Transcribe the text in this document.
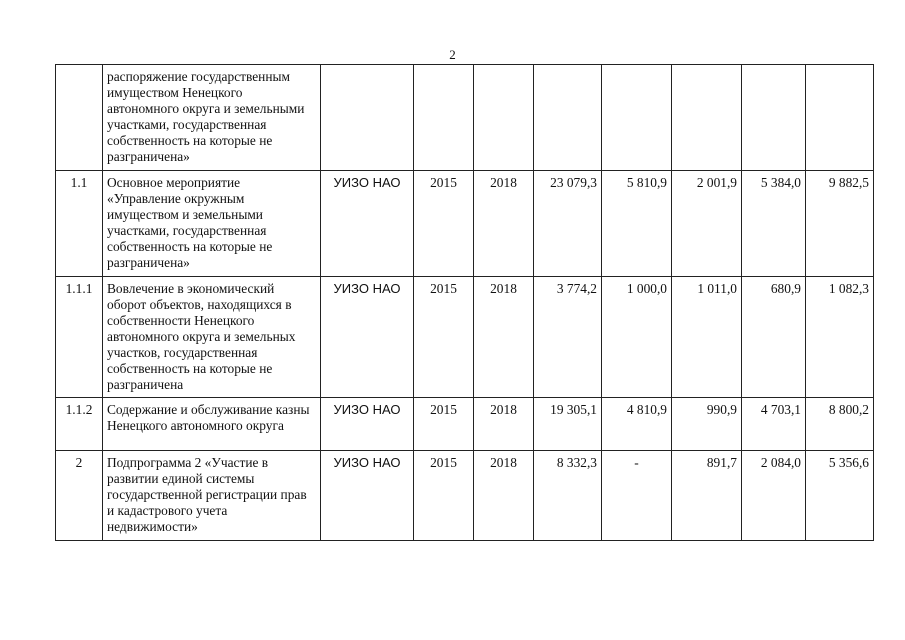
2
	распоряжение государственным имуществом Ненецкого автономного округа и земельными участками, государственная собственность на которые не разграничена»								
1.1	Основное мероприятие «Управление окружным имуществом и земельными участками, государственная собственность на которые не разграничена»	УИЗО НАО	2015	2018	23 079,3	5 810,9	2 001,9	5 384,0	9 882,5
1.1.1	Вовлечение в экономический оборот объектов, находящихся в собственности Ненецкого автономного округа и земельных участков, государственная собственность на которые не разграничена	УИЗО НАО	2015	2018	3 774,2	1 000,0	1 011,0	680,9	1 082,3
1.1.2	Содержание и обслуживание казны Ненецкого автономного округа	УИЗО НАО	2015	2018	19 305,1	4 810,9	990,9	4 703,1	8 800,2
2	Подпрограмма 2 «Участие в развитии единой системы государственной регистрации прав и кадастрового учета недвижимости»	УИЗО НАО	2015	2018	8 332,3	-	891,7	2 084,0	5 356,6
